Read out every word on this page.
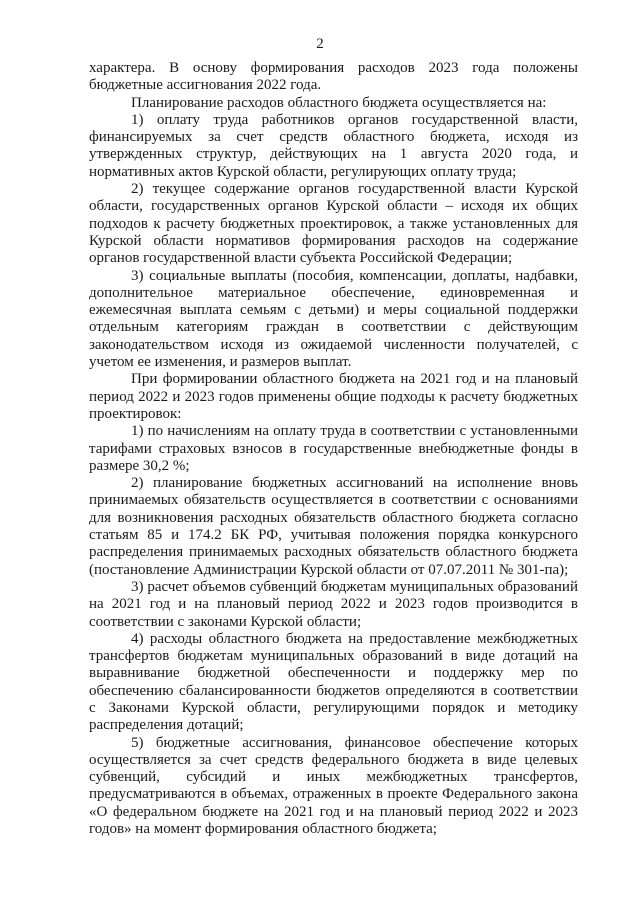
2

характера. В основу формирования расходов 2023 года положены бюджетные ассигнования 2022 года.

Планирование расходов областного бюджета осуществляется на:

1) оплату труда работников органов государственной власти, финансируемых за счет средств областного бюджета, исходя из утвержденных структур, действующих на 1 августа 2020 года, и нормативных актов Курской области, регулирующих оплату труда;

2) текущее содержание органов государственной власти Курской области, государственных органов Курской области – исходя их общих подходов к расчету бюджетных проектировок, а также установленных для Курской области нормативов формирования расходов на содержание органов государственной власти субъекта Российской Федерации;

3) социальные выплаты (пособия, компенсации, доплаты, надбавки, дополнительное материальное обеспечение, единовременная и ежемесячная выплата семьям с детьми) и меры социальной поддержки отдельным категориям граждан в соответствии с действующим законодательством исходя из ожидаемой численности получателей, с учетом ее изменения, и размеров выплат.

При формировании областного бюджета на 2021 год и на плановый период 2022 и 2023 годов применены общие подходы к расчету бюджетных проектировок:

1) по начислениям на оплату труда в соответствии с установленными тарифами страховых взносов в государственные внебюджетные фонды в размере 30,2 %;

2) планирование бюджетных ассигнований на исполнение вновь принимаемых обязательств осуществляется в соответствии с основаниями для возникновения расходных обязательств областного бюджета согласно статьям 85 и 174.2 БК РФ, учитывая положения порядка конкурсного распределения принимаемых расходных обязательств областного бюджета (постановление Администрации Курской области от 07.07.2011 № 301-па);

3) расчет объемов субвенций бюджетам муниципальных образований на 2021 год и на плановый период 2022 и 2023 годов производится в соответствии с законами Курской области;

4) расходы областного бюджета на предоставление межбюджетных трансфертов бюджетам муниципальных образований в виде дотаций на выравнивание бюджетной обеспеченности и поддержку мер по обеспечению сбалансированности бюджетов определяются в соответствии с Законами Курской области, регулирующими порядок и методику распределения дотаций;

5) бюджетные ассигнования, финансовое обеспечение которых осуществляется за счет средств федерального бюджета в виде целевых субвенций, субсидий и иных межбюджетных трансфертов, предусматриваются в объемах, отраженных в проекте Федерального закона «О федеральном бюджете на 2021 год и на плановый период 2022 и 2023 годов» на момент формирования областного бюджета;
